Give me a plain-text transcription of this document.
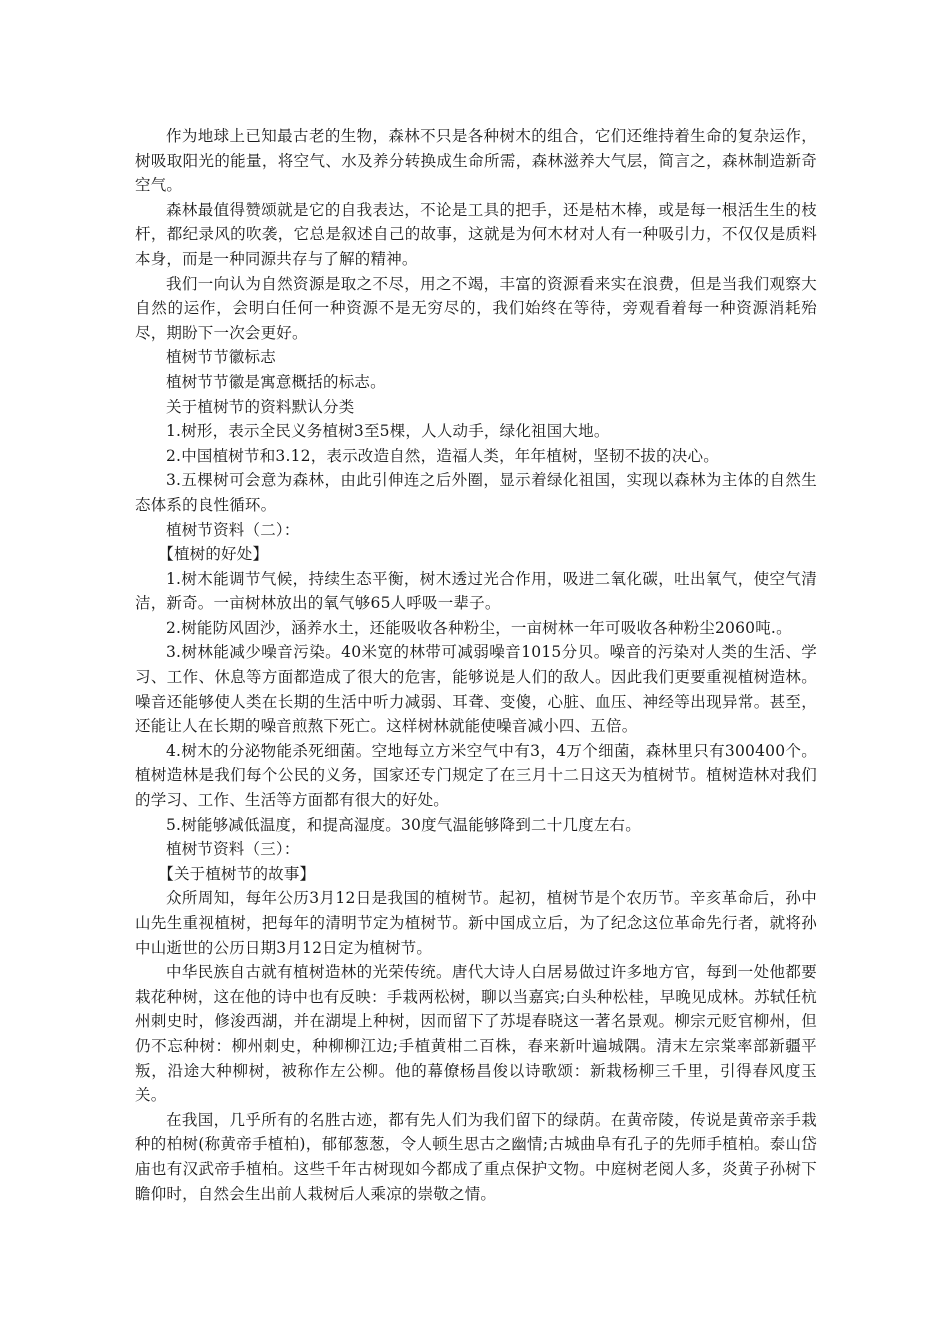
作为地球上已知最古老的生物，森林不只是各种树木的组合，它们还维持着生命的复杂运作，树吸取阳光的能量，将空气、水及养分转换成生命所需，森林滋养大气层，简言之，森林制造新奇空气。

森林最值得赞颂就是它的自我表达，不论是工具的把手，还是枯木棒，或是每一根活生生的枝杆，都纪录风的吹袭，它总是叙述自己的故事，这就是为何木材对人有一种吸引力，不仅仅是质料本身，而是一种同源共存与了解的精神。

我们一向认为自然资源是取之不尽，用之不竭，丰富的资源看来实在浪费，但是当我们观察大自然的运作，会明白任何一种资源不是无穷尽的，我们始终在等待，旁观看着每一种资源消耗殆尽，期盼下一次会更好。

植树节节徽标志

植树节节徽是寓意概括的标志。

关于植树节的资料默认分类

1.树形，表示全民义务植树3至5棵，人人动手，绿化祖国大地。

2.中国植树节和3.12，表示改造自然，造福人类，年年植树，坚韧不拔的决心。

3.五棵树可会意为森林，由此引伸连之后外圈，显示着绿化祖国，实现以森林为主体的自然生态体系的良性循环。

植树节资料（二）：

【植树的好处】

1.树木能调节气候，持续生态平衡，树木透过光合作用，吸进二氧化碳，吐出氧气，使空气清洁，新奇。一亩树林放出的氧气够65人呼吸一辈子。

2.树能防风固沙，涵养水土，还能吸收各种粉尘，一亩树林一年可吸收各种粉尘2060吨.。

3.树林能减少噪音污染。40米宽的林带可减弱噪音1015分贝。噪音的污染对人类的生活、学习、工作、休息等方面都造成了很大的危害，能够说是人们的敌人。因此我们更要重视植树造林。噪音还能够使人类在长期的生活中听力减弱、耳聋、变傻，心脏、血压、神经等出现异常。甚至，还能让人在长期的噪音煎熬下死亡。这样树林就能使噪音减小四、五倍。

4.树木的分泌物能杀死细菌。空地每立方米空气中有3，4万个细菌，森林里只有300400个。植树造林是我们每个公民的义务，国家还专门规定了在三月十二日这天为植树节。植树造林对我们的学习、工作、生活等方面都有很大的好处。

5.树能够减低温度，和提高湿度。30度气温能够降到二十几度左右。

植树节资料（三）：

【关于植树节的故事】

众所周知，每年公历3月12日是我国的植树节。起初，植树节是个农历节。辛亥革命后，孙中山先生重视植树，把每年的清明节定为植树节。新中国成立后，为了纪念这位革命先行者，就将孙中山逝世的公历日期3月12日定为植树节。

中华民族自古就有植树造林的光荣传统。唐代大诗人白居易做过许多地方官，每到一处他都要栽花种树，这在他的诗中也有反映：手栽两松树，聊以当嘉宾;白头种松桂，早晚见成林。苏轼任杭州刺史时，修浚西湖，并在湖堤上种树，因而留下了苏堤春晓这一著名景观。柳宗元贬官柳州，但仍不忘种树：柳州刺史，种柳柳江边;手植黄柑二百株，春来新叶遍城隅。清末左宗棠率部新疆平叛，沿途大种柳树，被称作左公柳。他的幕僚杨昌俊以诗歌颂：新栽杨柳三千里，引得春风度玉关。

在我国，几乎所有的名胜古迹，都有先人们为我们留下的绿荫。在黄帝陵，传说是黄帝亲手栽种的柏树(称黄帝手植柏)，郁郁葱葱，令人顿生思古之幽情;古城曲阜有孔子的先师手植柏。泰山岱庙也有汉武帝手植柏。这些千年古树现如今都成了重点保护文物。中庭树老阅人多，炎黄子孙树下瞻仰时，自然会生出前人栽树后人乘凉的崇敬之情。
